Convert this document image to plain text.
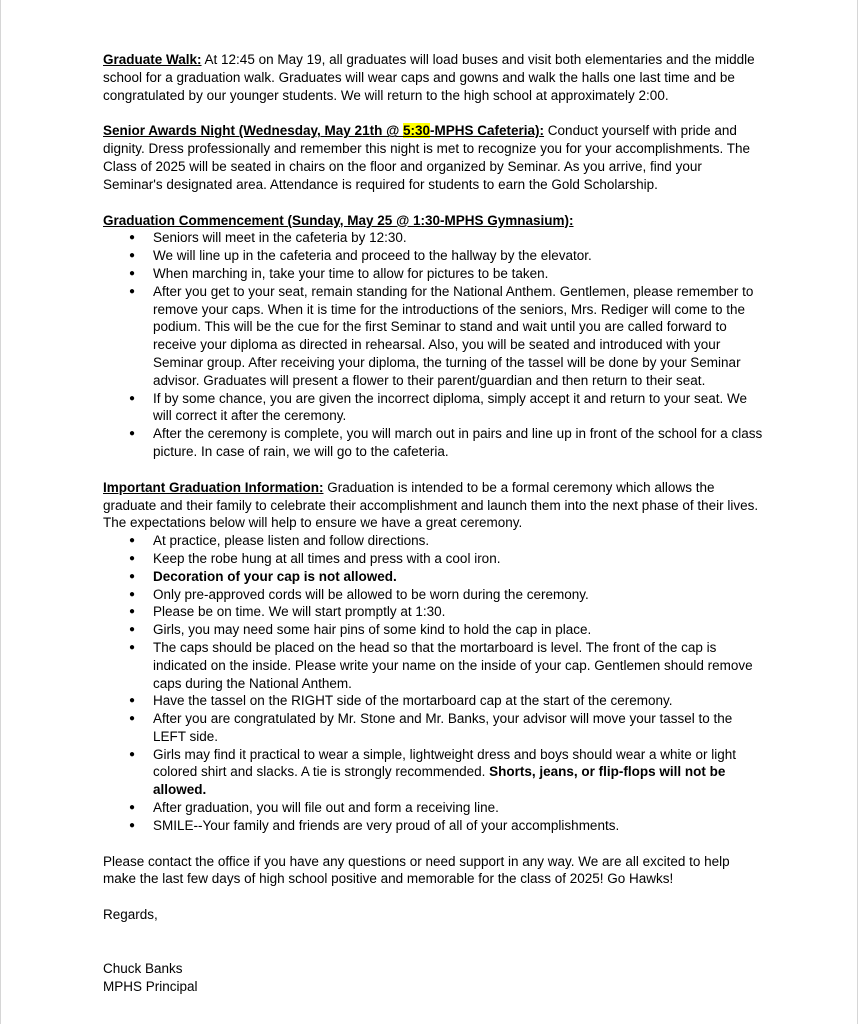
Graduate Walk: At 12:45 on May 19, all graduates will load buses and visit both elementaries and the middle school for a graduation walk. Graduates will wear caps and gowns and walk the halls one last time and be congratulated by our younger students. We will return to the high school at approximately 2:00.

Senior Awards Night (Wednesday, May 21th @ 5:30-MPHS Cafeteria): Conduct yourself with pride and dignity. Dress professionally and remember this night is met to recognize you for your accomplishments. The Class of 2025 will be seated in chairs on the floor and organized by Seminar. As you arrive, find your Seminar's designated area. Attendance is required for students to earn the Gold Scholarship.

Graduation Commencement (Sunday, May 25 @ 1:30-MPHS Gymnasium):

● Seniors will meet in the cafeteria by 12:30.
● We will line up in the cafeteria and proceed to the hallway by the elevator.
● When marching in, take your time to allow for pictures to be taken.
● After you get to your seat, remain standing for the National Anthem. Gentlemen, please remember to remove your caps. When it is time for the introductions of the seniors, Mrs. Rediger will come to the podium. This will be the cue for the first Seminar to stand and wait until you are called forward to receive your diploma as directed in rehearsal. Also, you will be seated and introduced with your Seminar group. After receiving your diploma, the turning of the tassel will be done by your Seminar advisor. Graduates will present a flower to their parent/guardian and then return to their seat.
● If by some chance, you are given the incorrect diploma, simply accept it and return to your seat. We will correct it after the ceremony.
● After the ceremony is complete, you will march out in pairs and line up in front of the school for a class picture. In case of rain, we will go to the cafeteria.

Important Graduation Information: Graduation is intended to be a formal ceremony which allows the graduate and their family to celebrate their accomplishment and launch them into the next phase of their lives. The expectations below will help to ensure we have a great ceremony.

● At practice, please listen and follow directions.
● Keep the robe hung at all times and press with a cool iron.
● Decoration of your cap is not allowed.
● Only pre-approved cords will be allowed to be worn during the ceremony.
● Please be on time. We will start promptly at 1:30.
● Girls, you may need some hair pins of some kind to hold the cap in place.
● The caps should be placed on the head so that the mortarboard is level. The front of the cap is indicated on the inside. Please write your name on the inside of your cap. Gentlemen should remove caps during the National Anthem.
● Have the tassel on the RIGHT side of the mortarboard cap at the start of the ceremony.
● After you are congratulated by Mr. Stone and Mr. Banks, your advisor will move your tassel to the LEFT side.
● Girls may find it practical to wear a simple, lightweight dress and boys should wear a white or light colored shirt and slacks. A tie is strongly recommended. Shorts, jeans, or flip-flops will not be allowed.
● After graduation, you will file out and form a receiving line.
● SMILE--Your family and friends are very proud of all of your accomplishments.

Please contact the office if you have any questions or need support in any way. We are all excited to help make the last few days of high school positive and memorable for the class of 2025! Go Hawks!

Regards,

Chuck Banks

MPHS Principal
